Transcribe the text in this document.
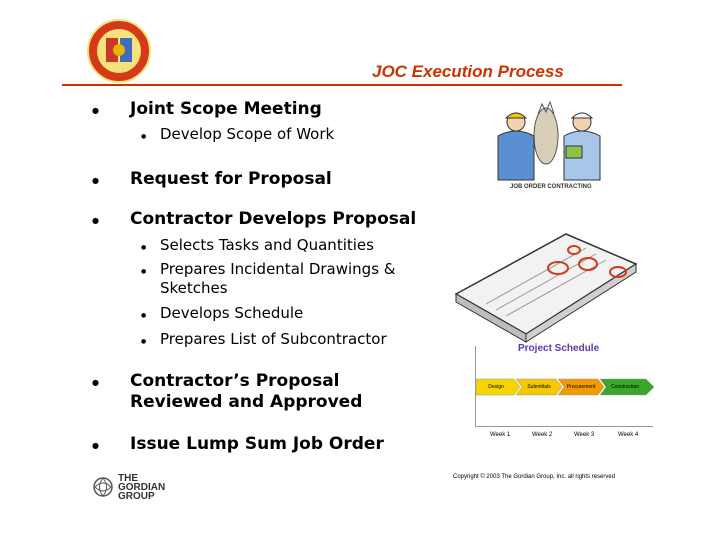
JOC Execution Process
● Joint Scope Meeting
● Develop Scope of Work
● Request for Proposal
● Contractor Develops Proposal
● Selects Tasks and Quantities
● Prepares Incidental Drawings & Sketches
● Develops Schedule
● Prepares List of Subcontractor
● Contractor’s Proposal Reviewed and Approved
● Issue Lump Sum Job Order
JOB ORDER CONTRACTING
Project Schedule
Design	Submittals	Procurement	Construction
Week 1	Week 2	Week 3	Week 4
THE
GORDIAN
GROUP
Copyright © 2003 The Gordian Group, Inc. all rights reserved
